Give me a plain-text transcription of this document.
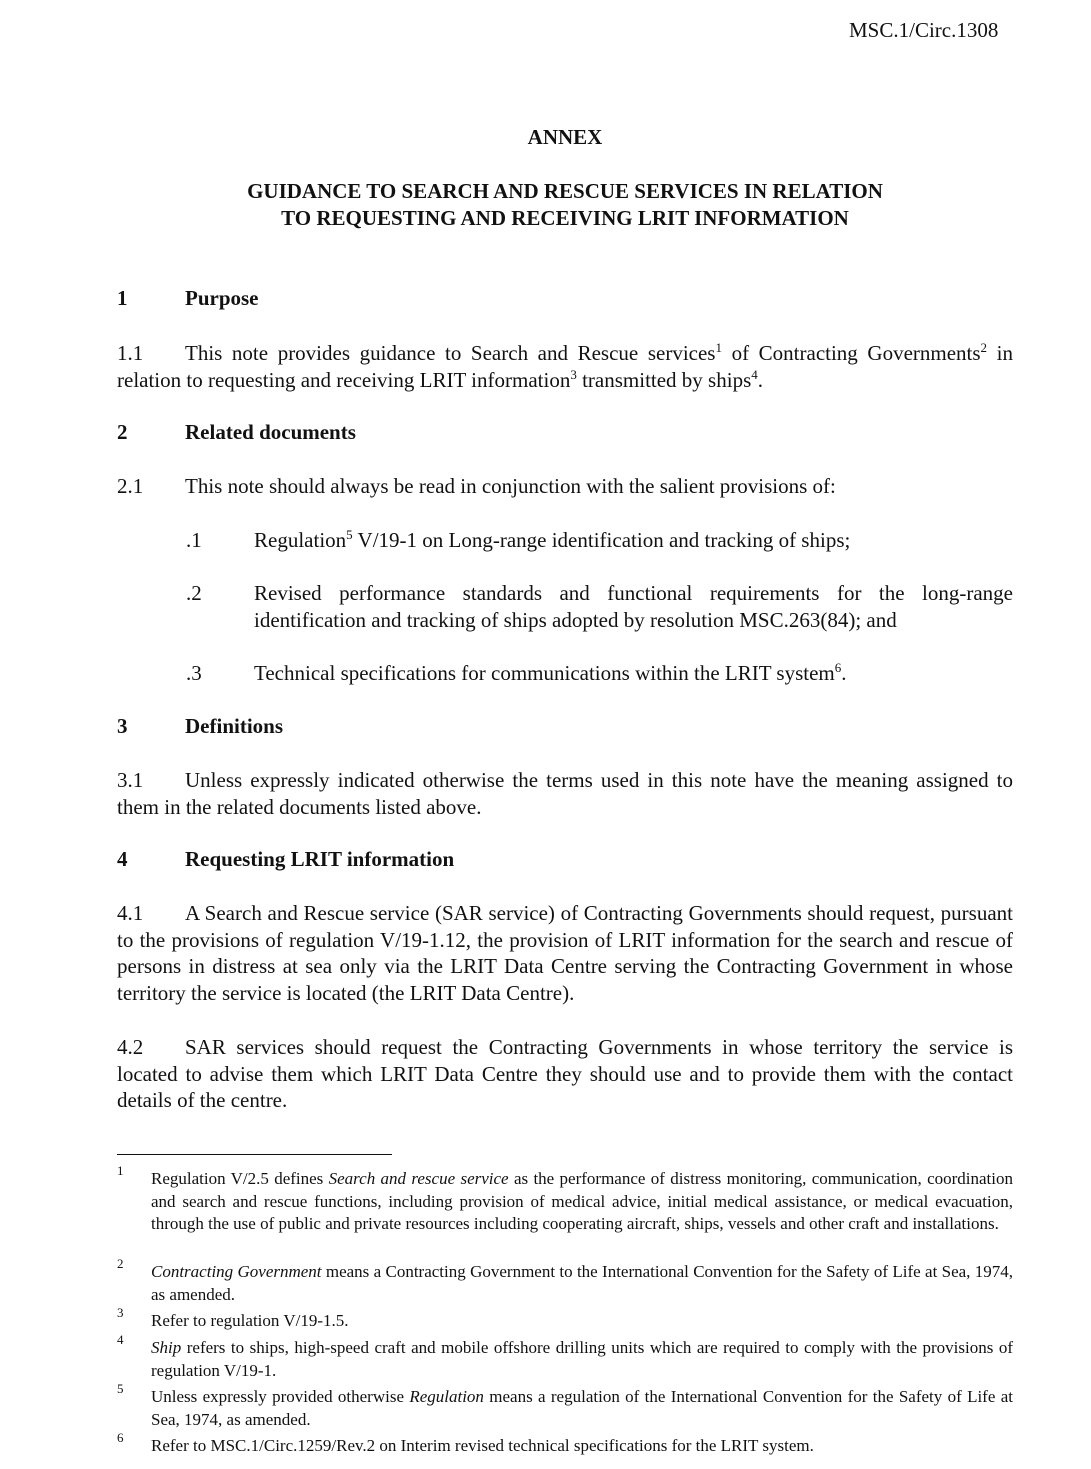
MSC.1/Circ.1308
ANNEX
GUIDANCE TO SEARCH AND RESCUE SERVICES IN RELATION
TO REQUESTING AND RECEIVING LRIT INFORMATION
1	Purpose
1.1 This note provides guidance to Search and Rescue services$^1$ of Contracting Governments$^2$ in relation to requesting and receiving LRIT information$^3$ transmitted by ships$^4$.
2	Related documents
2.1 This note should always be read in conjunction with the salient provisions of:
.1 Regulation$^5$ V/19-1 on Long-range identification and tracking of ships;
.2 Revised performance standards and functional requirements for the long-range identification and tracking of ships adopted by resolution MSC.263(84); and
.3 Technical specifications for communications within the LRIT system$^6$.
3	Definitions
3.1 Unless expressly indicated otherwise the terms used in this note have the meaning assigned to them in the related documents listed above.
4	Requesting LRIT information
4.1 A Search and Rescue service (SAR service) of Contracting Governments should request, pursuant to the provisions of regulation V/19-1.12, the provision of LRIT information for the search and rescue of persons in distress at sea only via the LRIT Data Centre serving the Contracting Government in whose territory the service is located (the LRIT Data Centre).
4.2 SAR services should request the Contracting Governments in whose territory the service is located to advise them which LRIT Data Centre they should use and to provide them with the contact details of the centre.
1 Regulation V/2.5 defines Search and rescue service as the performance of distress monitoring, communication, coordination and search and rescue functions, including provision of medical advice, initial medical assistance, or medical evacuation, through the use of public and private resources including cooperating aircraft, ships, vessels and other craft and installations.
2 Contracting Government means a Contracting Government to the International Convention for the Safety of Life at Sea, 1974, as amended.
3 Refer to regulation V/19-1.5.
4 Ship refers to ships, high-speed craft and mobile offshore drilling units which are required to comply with the provisions of regulation V/19-1.
5 Unless expressly provided otherwise Regulation means a regulation of the International Convention for the Safety of Life at Sea, 1974, as amended.
6 Refer to MSC.1/Circ.1259/Rev.2 on Interim revised technical specifications for the LRIT system.
